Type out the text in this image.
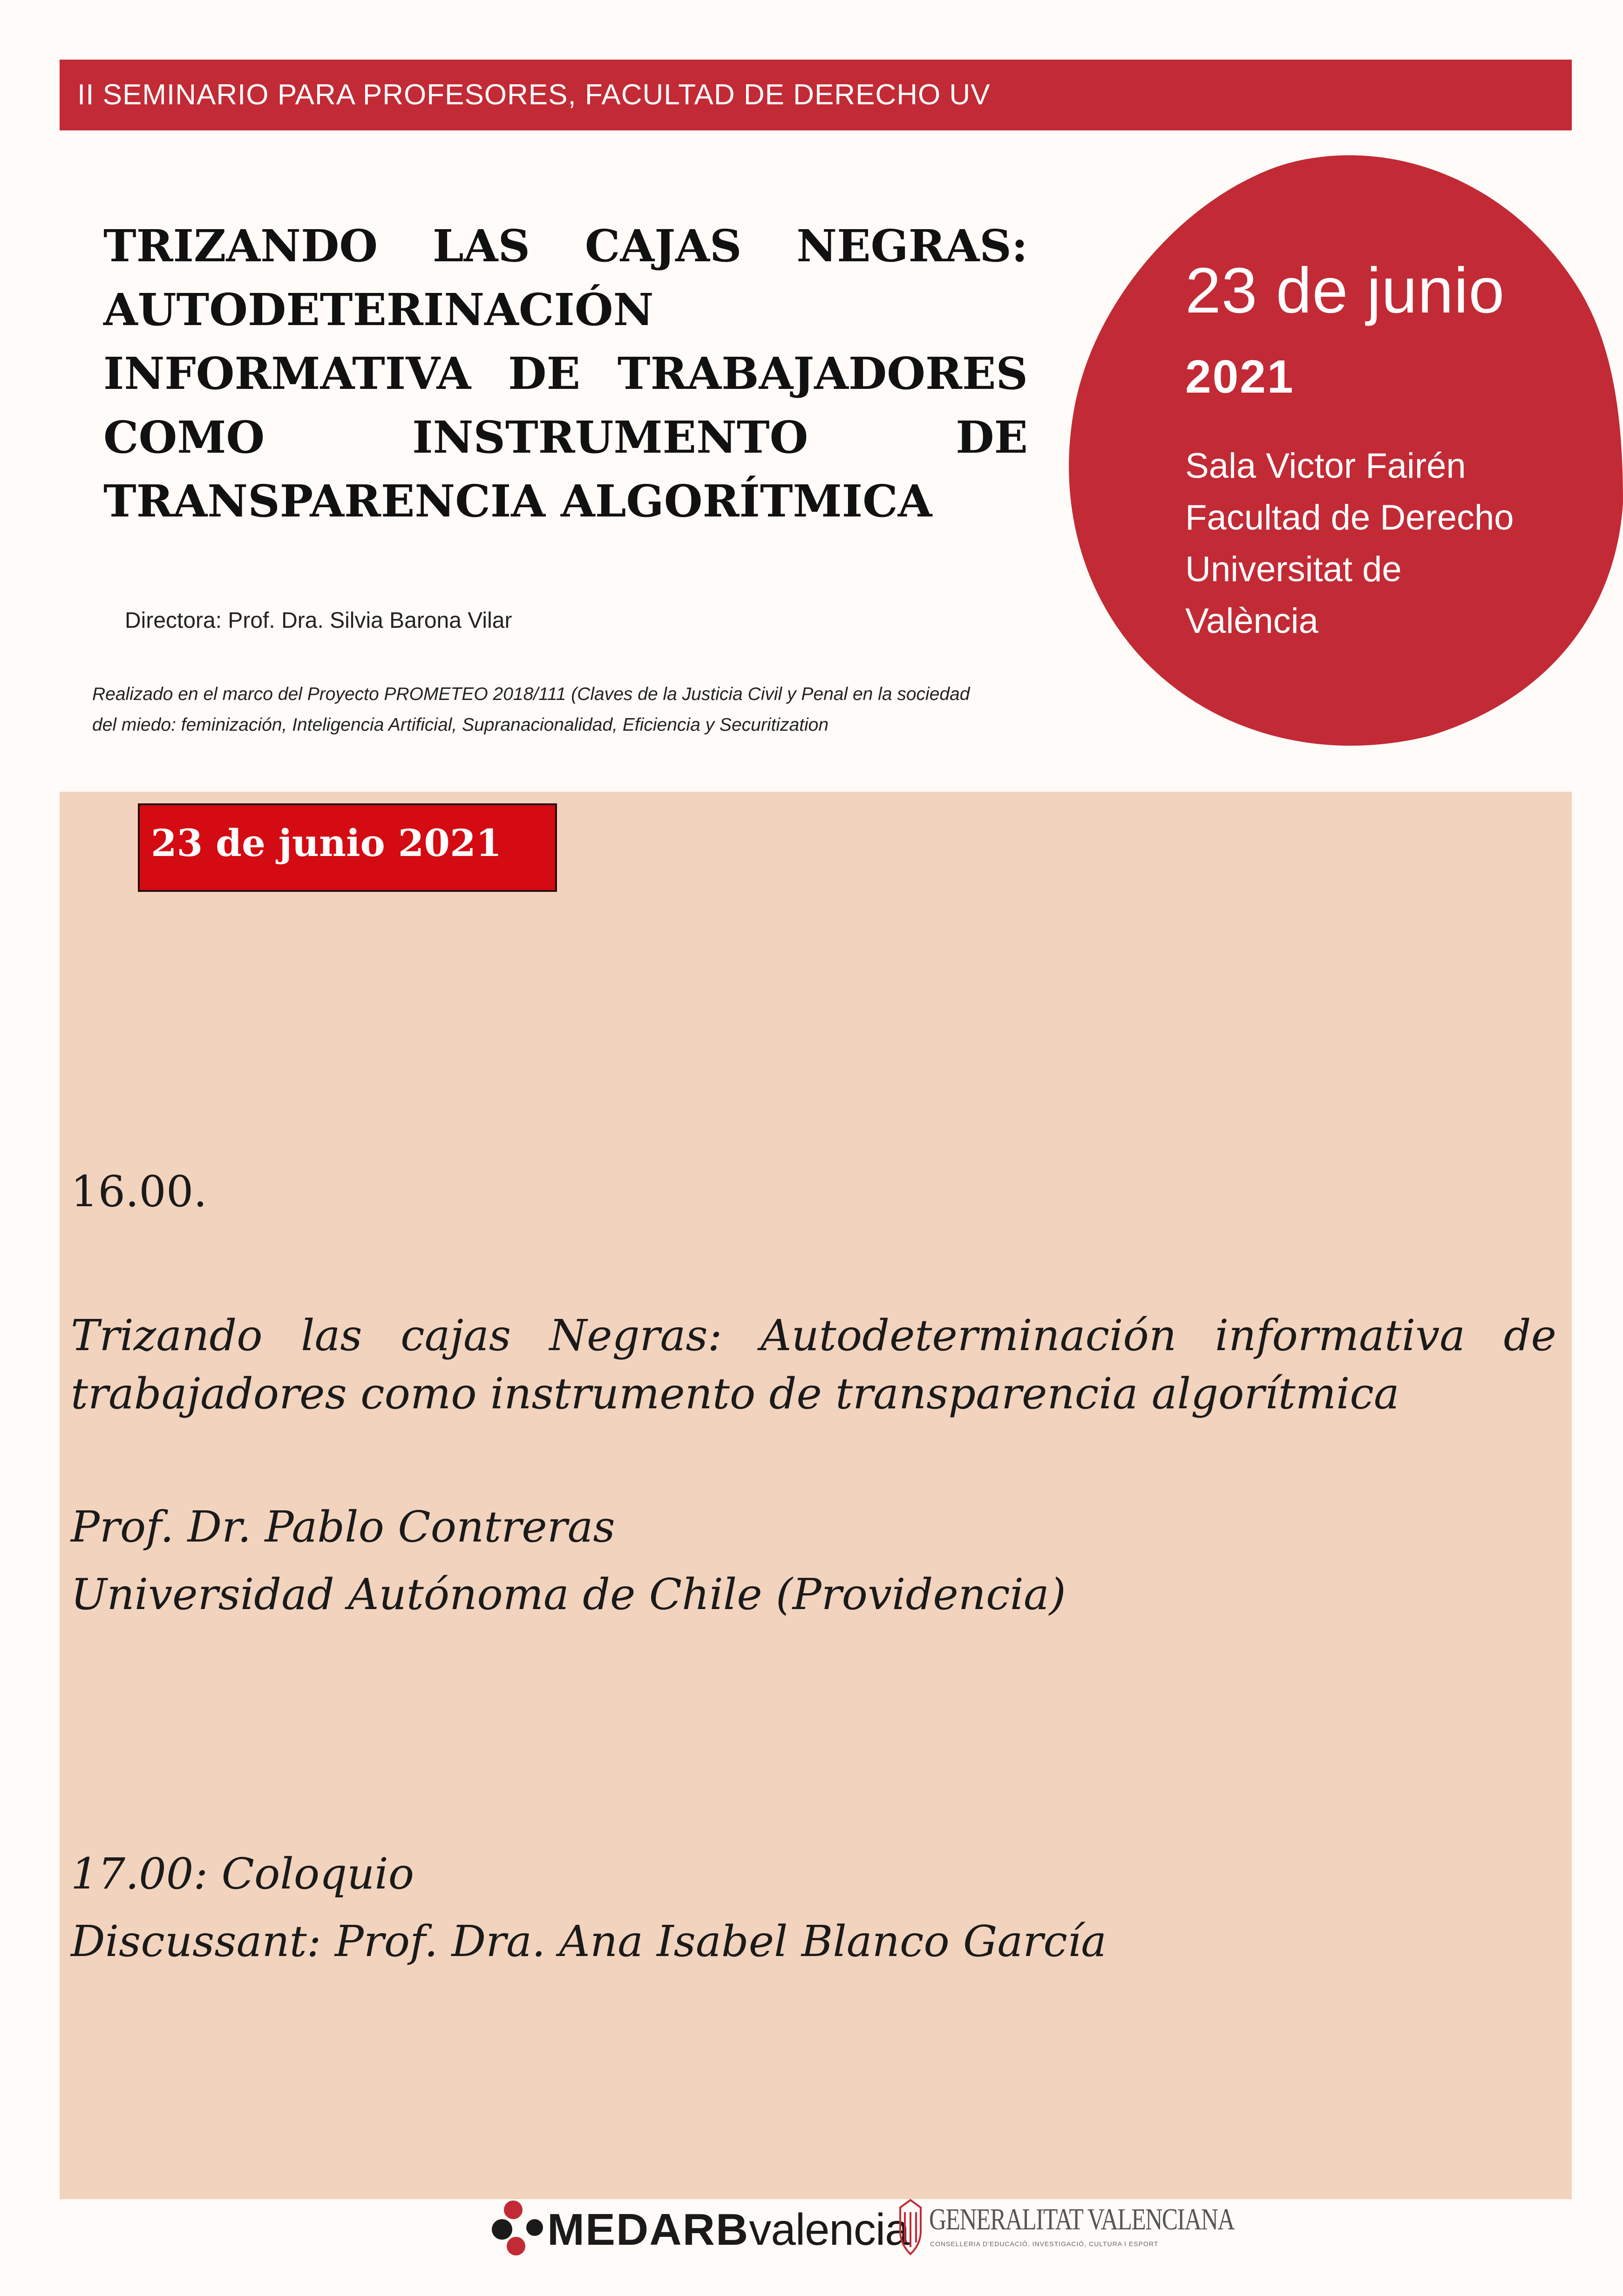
II SEMINARIO PARA PROFESORES, FACULTAD DE DERECHO UV
TRIZANDO LAS CAJAS NEGRAS: AUTODETERINACIÓN INFORMATIVA DE TRABAJADORES COMO INSTRUMENTO DE TRANSPARENCIA ALGORÍTMICA
Directora: Prof. Dra. Silvia Barona Vilar
Realizado en el marco del Proyecto PROMETEO 2018/111 (Claves de la Justicia Civil y Penal en la sociedad
del miedo: feminización, Inteligencia Artificial, Supranacionalidad, Eficiencia y Securitization
23 de junio
2021
Sala Victor Fairén
Facultad de Derecho
Universitat de
València
23 de junio 2021
16.00.
Trizando las cajas Negras: Autodeterminación informativa de trabajadores como instrumento de transparencia algorítmica
Prof. Dr. Pablo Contreras
Universidad Autónoma de Chile (Providencia)
17.00: Coloquio
Discussant: Prof. Dra. Ana Isabel Blanco García
MEDARBvalencia GENERALITAT VALENCIANA
CONSELLERIA D'EDUCACIÓ, INVESTIGACIÓ, CULTURA I ESPORT
